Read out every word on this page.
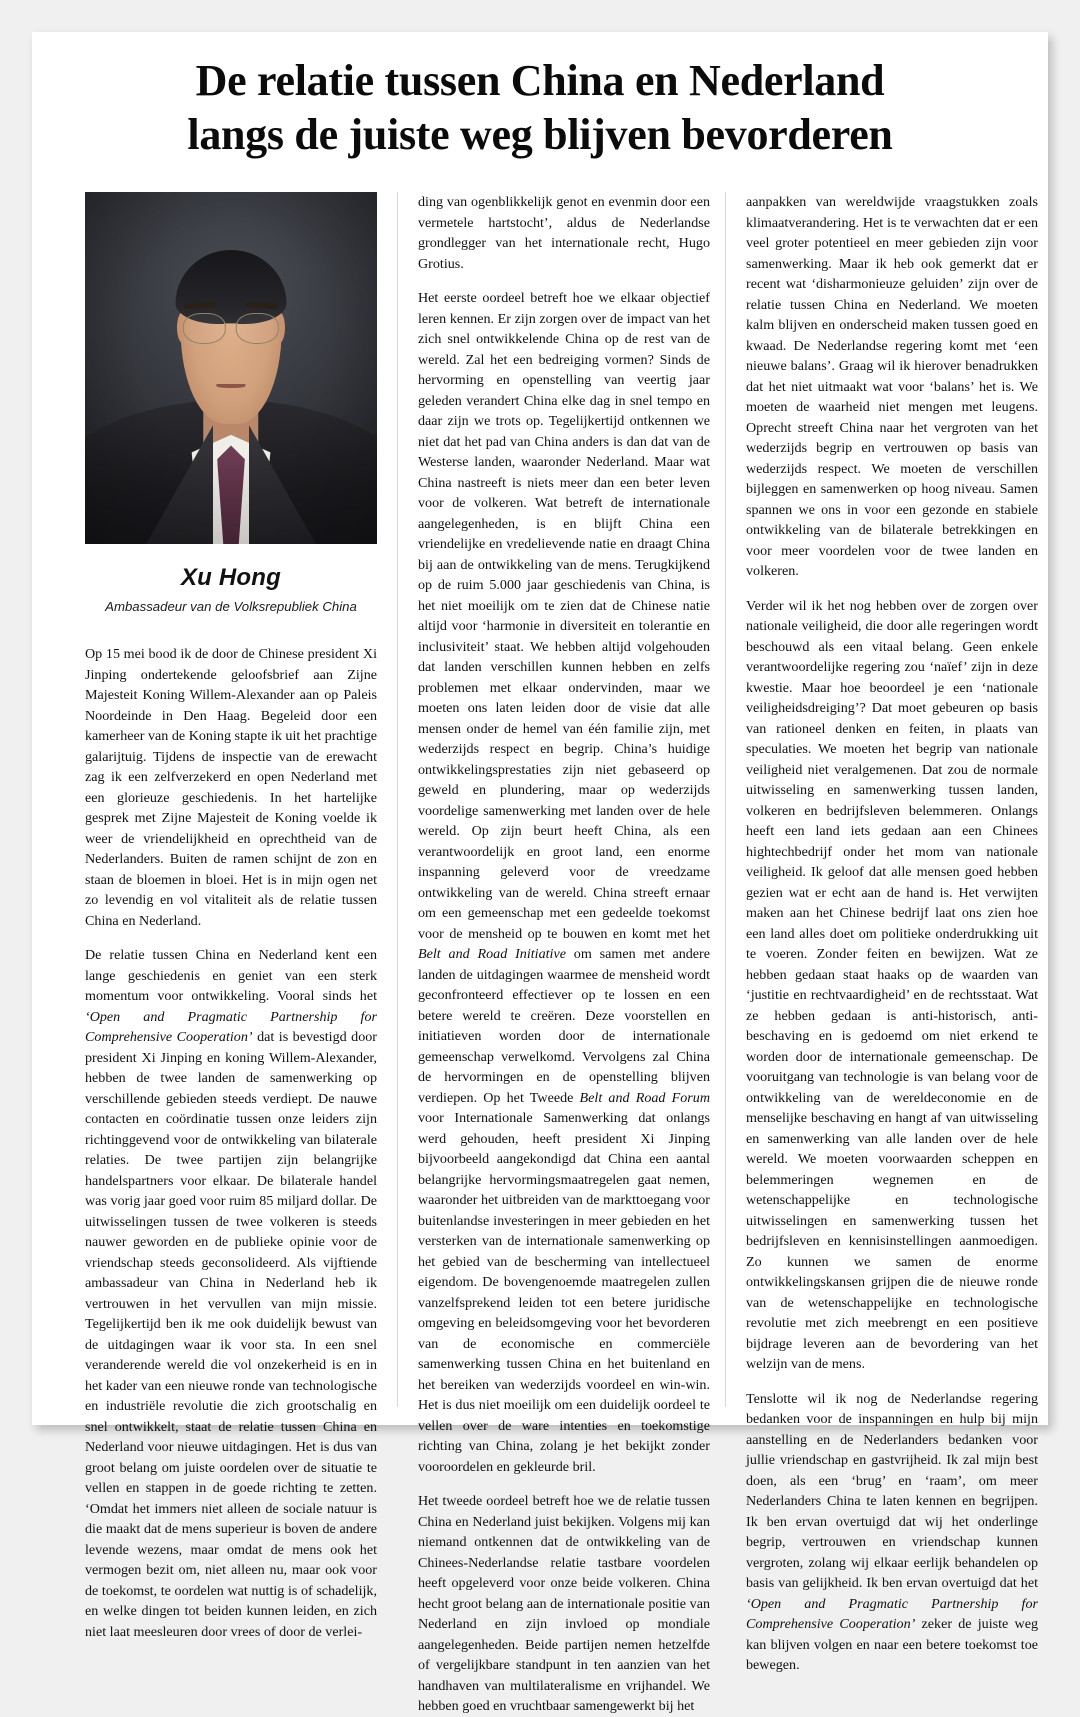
De relatie tussen China en Nederland
langs de juiste weg blijven bevorderen
Xu Hong
Ambassadeur van de Volksrepubliek China

Op 15 mei bood ik de door de Chinese president Xi Jinping ondertekende geloofsbrief aan Zijne Majesteit Koning Willem-Alexander aan op Paleis Noordeinde in Den Haag. Begeleid door een kamerheer van de Koning stapte ik uit het prachtige galarijtuig. Tijdens de inspectie van de erewacht zag ik een zelfverzekerd en open Nederland met een glorieuze geschiedenis. In het hartelijke gesprek met Zijne Majesteit de Koning voelde ik weer de vriendelijkheid en oprechtheid van de Nederlanders. Buiten de ramen schijnt de zon en staan de bloemen in bloei. Het is in mijn ogen net zo levendig en vol vitaliteit als de relatie tussen China en Nederland.

De relatie tussen China en Nederland kent een lange geschiedenis en geniet van een sterk momentum voor ontwikkeling. Vooral sinds het ‘Open and Pragmatic Partnership for Comprehensive Cooperation’ dat is bevestigd door president Xi Jinping en koning Willem-Alexander, hebben de twee landen de samenwerking op verschillende gebieden steeds verdiept. De nauwe contacten en coördinatie tussen onze leiders zijn richtinggevend voor de ontwikkeling van bilaterale relaties. De twee partijen zijn belangrijke handelspartners voor elkaar. De bilaterale handel was vorig jaar goed voor ruim 85 miljard dollar. De uitwisselingen tussen de twee volkeren is steeds nauwer geworden en de publieke opinie voor de vriendschap steeds geconsolideerd. Als vijftiende ambassadeur van China in Nederland heb ik vertrouwen in het vervullen van mijn missie. Tegelijkertijd ben ik me ook duidelijk bewust van de uitdagingen waar ik voor sta. In een snel veranderende wereld die vol onzekerheid is en in het kader van een nieuwe ronde van technologische en industriële revolutie die zich grootschalig en snel ontwikkelt, staat de relatie tussen China en Nederland voor nieuwe uitdagingen. Het is dus van groot belang om juiste oordelen over de situatie te vellen en stappen in de goede richting te zetten. ‘Omdat het immers niet alleen de sociale natuur is die maakt dat de mens superieur is boven de andere levende wezens, maar omdat de mens ook het vermogen bezit om, niet alleen nu, maar ook voor de toekomst, te oordelen wat nuttig is of schadelijk, en welke dingen tot beiden kunnen leiden, en zich niet laat meesleuren door vrees of door de verlei-

ding van ogenblikkelijk genot en evenmin door een vermetele hartstocht’, aldus de Nederlandse grondlegger van het internationale recht, Hugo Grotius.

Het eerste oordeel betreft hoe we elkaar objectief leren kennen. Er zijn zorgen over de impact van het zich snel ontwikkelende China op de rest van de wereld. Zal het een bedreiging vormen? Sinds de hervorming en openstelling van veertig jaar geleden verandert China elke dag in snel tempo en daar zijn we trots op. Tegelijkertijd ontkennen we niet dat het pad van China anders is dan dat van de Westerse landen, waaronder Nederland. Maar wat China nastreeft is niets meer dan een beter leven voor de volkeren. Wat betreft de internationale aangelegenheden, is en blijft China een vriendelijke en vredelievende natie en draagt China bij aan de ontwikkeling van de mens. Terugkijkend op de ruim 5.000 jaar geschiedenis van China, is het niet moeilijk om te zien dat de Chinese natie altijd voor ‘harmonie in diversiteit en tolerantie en inclusiviteit’ staat. We hebben altijd volgehouden dat landen verschillen kunnen hebben en zelfs problemen met elkaar ondervinden, maar we moeten ons laten leiden door de visie dat alle mensen onder de hemel van één familie zijn, met wederzijds respect en begrip. China’s huidige ontwikkelingsprestaties zijn niet gebaseerd op geweld en plundering, maar op wederzijds voordelige samenwerking met landen over de hele wereld. Op zijn beurt heeft China, als een verantwoordelijk en groot land, een enorme inspanning geleverd voor de vreedzame ontwikkeling van de wereld. China streeft ernaar om een gemeenschap met een gedeelde toekomst voor de mensheid op te bouwen en komt met het Belt and Road Initiative om samen met andere landen de uitdagingen waarmee de mensheid wordt geconfronteerd effectiever op te lossen en een betere wereld te creëren. Deze voorstellen en initiatieven worden door de internationale gemeenschap verwelkomd. Vervolgens zal China de hervormingen en de openstelling blijven verdiepen. Op het Tweede Belt and Road Forum voor Internationale Samenwerking dat onlangs werd gehouden, heeft president Xi Jinping bijvoorbeeld aangekondigd dat China een aantal belangrijke hervormingsmaatregelen gaat nemen, waaronder het uitbreiden van de markttoegang voor buitenlandse investeringen in meer gebieden en het versterken van de internationale samenwerking op het gebied van de bescherming van intellectueel eigendom. De bovengenoemde maatregelen zullen vanzelfsprekend leiden tot een betere juridische omgeving en beleidsomgeving voor het bevorderen van de economische en commerciële samenwerking tussen China en het buitenland en het bereiken van wederzijds voordeel en win-win. Het is dus niet moeilijk om een duidelijk oordeel te vellen over de ware intenties en toekomstige richting van China, zolang je het bekijkt zonder vooroordelen en gekleurde bril.

Het tweede oordeel betreft hoe we de relatie tussen China en Nederland juist bekijken. Volgens mij kan niemand ontkennen dat de ontwikkeling van de Chinees-Nederlandse relatie tastbare voordelen heeft opgeleverd voor onze beide volkeren. China hecht groot belang aan de internationale positie van Nederland en zijn invloed op mondiale aangelegenheden. Beide partijen nemen hetzelfde of vergelijkbare standpunt in ten aanzien van het handhaven van multilateralisme en vrijhandel. We hebben goed en vruchtbaar samengewerkt bij het

aanpakken van wereldwijde vraagstukken zoals klimaatverandering. Het is te verwachten dat er een veel groter potentieel en meer gebieden zijn voor samenwerking. Maar ik heb ook gemerkt dat er recent wat ‘disharmonieuze geluiden’ zijn over de relatie tussen China en Nederland. We moeten kalm blijven en onderscheid maken tussen goed en kwaad. De Nederlandse regering komt met ‘een nieuwe balans’. Graag wil ik hierover benadrukken dat het niet uitmaakt wat voor ‘balans’ het is. We moeten de waarheid niet mengen met leugens. Oprecht streeft China naar het vergroten van het wederzijds begrip en vertrouwen op basis van wederzijds respect. We moeten de verschillen bijleggen en samenwerken op hoog niveau. Samen spannen we ons in voor een gezonde en stabiele ontwikkeling van de bilaterale betrekkingen en voor meer voordelen voor de twee landen en volkeren.

Verder wil ik het nog hebben over de zorgen over nationale veiligheid, die door alle regeringen wordt beschouwd als een vitaal belang. Geen enkele verantwoordelijke regering zou ‘naïef’ zijn in deze kwestie. Maar hoe beoordeel je een ‘nationale veiligheidsdreiging’? Dat moet gebeuren op basis van rationeel denken en feiten, in plaats van speculaties. We moeten het begrip van nationale veiligheid niet veralgemenen. Dat zou de normale uitwisseling en samenwerking tussen landen, volkeren en bedrijfsleven belemmeren. Onlangs heeft een land iets gedaan aan een Chinees hightechbedrijf onder het mom van nationale veiligheid. Ik geloof dat alle mensen goed hebben gezien wat er echt aan de hand is. Het verwijten maken aan het Chinese bedrijf laat ons zien hoe een land alles doet om politieke onderdrukking uit te voeren. Zonder feiten en bewijzen. Wat ze hebben gedaan staat haaks op de waarden van ‘justitie en rechtvaardigheid’ en de rechtsstaat. Wat ze hebben gedaan is anti-historisch, anti-beschaving en is gedoemd om niet erkend te worden door de internationale gemeenschap. De vooruitgang van technologie is van belang voor de ontwikkeling van de wereldeconomie en de menselijke beschaving en hangt af van uitwisseling en samenwerking van alle landen over de hele wereld. We moeten voorwaarden scheppen en belemmeringen wegnemen en de wetenschappelijke en technologische uitwisselingen en samenwerking tussen het bedrijfsleven en kennisinstellingen aanmoedigen. Zo kunnen we samen de enorme ontwikkelingskansen grijpen die de nieuwe ronde van de wetenschappelijke en technologische revolutie met zich meebrengt en een positieve bijdrage leveren aan de bevordering van het welzijn van de mens.

Tenslotte wil ik nog de Nederlandse regering bedanken voor de inspanningen en hulp bij mijn aanstelling en de Nederlanders bedanken voor jullie vriendschap en gastvrijheid. Ik zal mijn best doen, als een ‘brug’ en ‘raam’, om meer Nederlanders China te laten kennen en begrijpen. Ik ben ervan overtuigd dat wij het onderlinge begrip, vertrouwen en vriendschap kunnen vergroten, zolang wij elkaar eerlijk behandelen op basis van gelijkheid. Ik ben ervan overtuigd dat het ‘Open and Pragmatic Partnership for Comprehensive Cooperation’ zeker de juiste weg kan blijven volgen en naar een betere toekomst toe bewegen.
